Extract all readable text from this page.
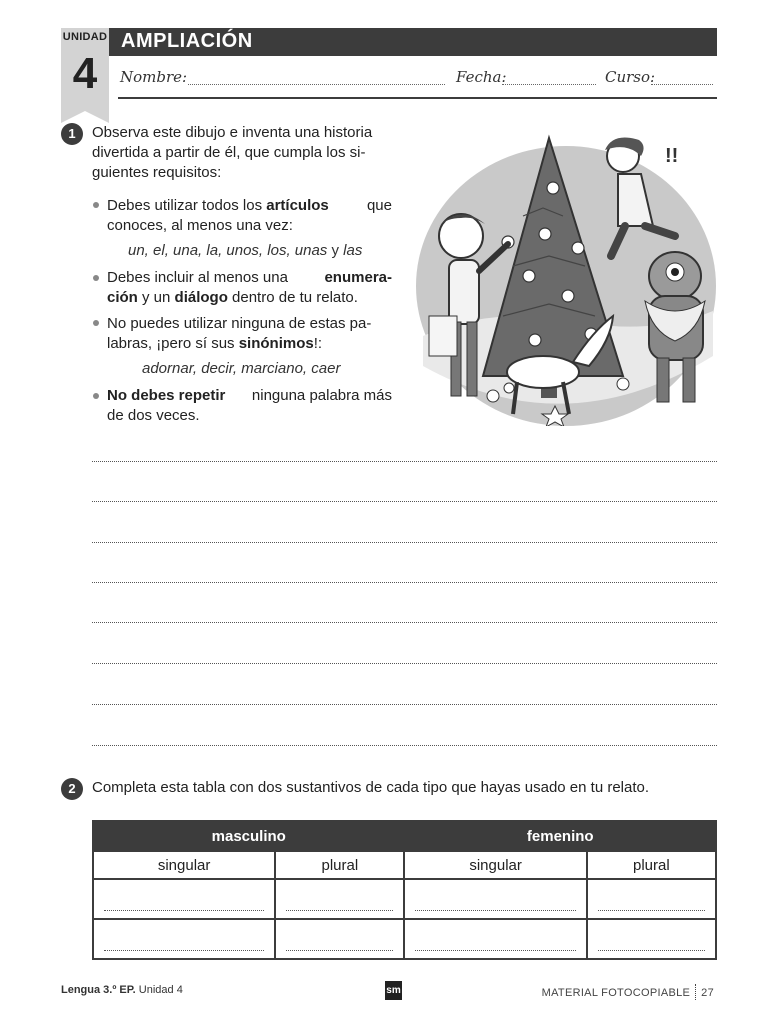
UNIDAD
4
AMPLIACIÓN
Nombre:	Fecha:	Curso:
1	Observa este dibujo e inventa una historia
divertida a partir de él, que cumpla los si-
guientes requisitos:
Debes utilizar todos los artículos	que
conoces, al menos una vez:
un, el, una, la, unos, los, unas y las
Debes incluir al menos una enumera-
ción y un diálogo dentro de tu relato.
No puedes utilizar ninguna de estas pa-
labras, ¡pero sí sus sinónimos!:
adornar, decir, marciano, caer
No debes repetir ninguna palabra más
de dos veces.
!!
2	Completa esta tabla con dos sustantivos de cada tipo que hayas usado en tu relato.
masculino		femenino	
singular	plural	singular	plural

Lengua 3.º EP. Unidad 4	sm	MATERIAL FOTOCOPIABLE 27
